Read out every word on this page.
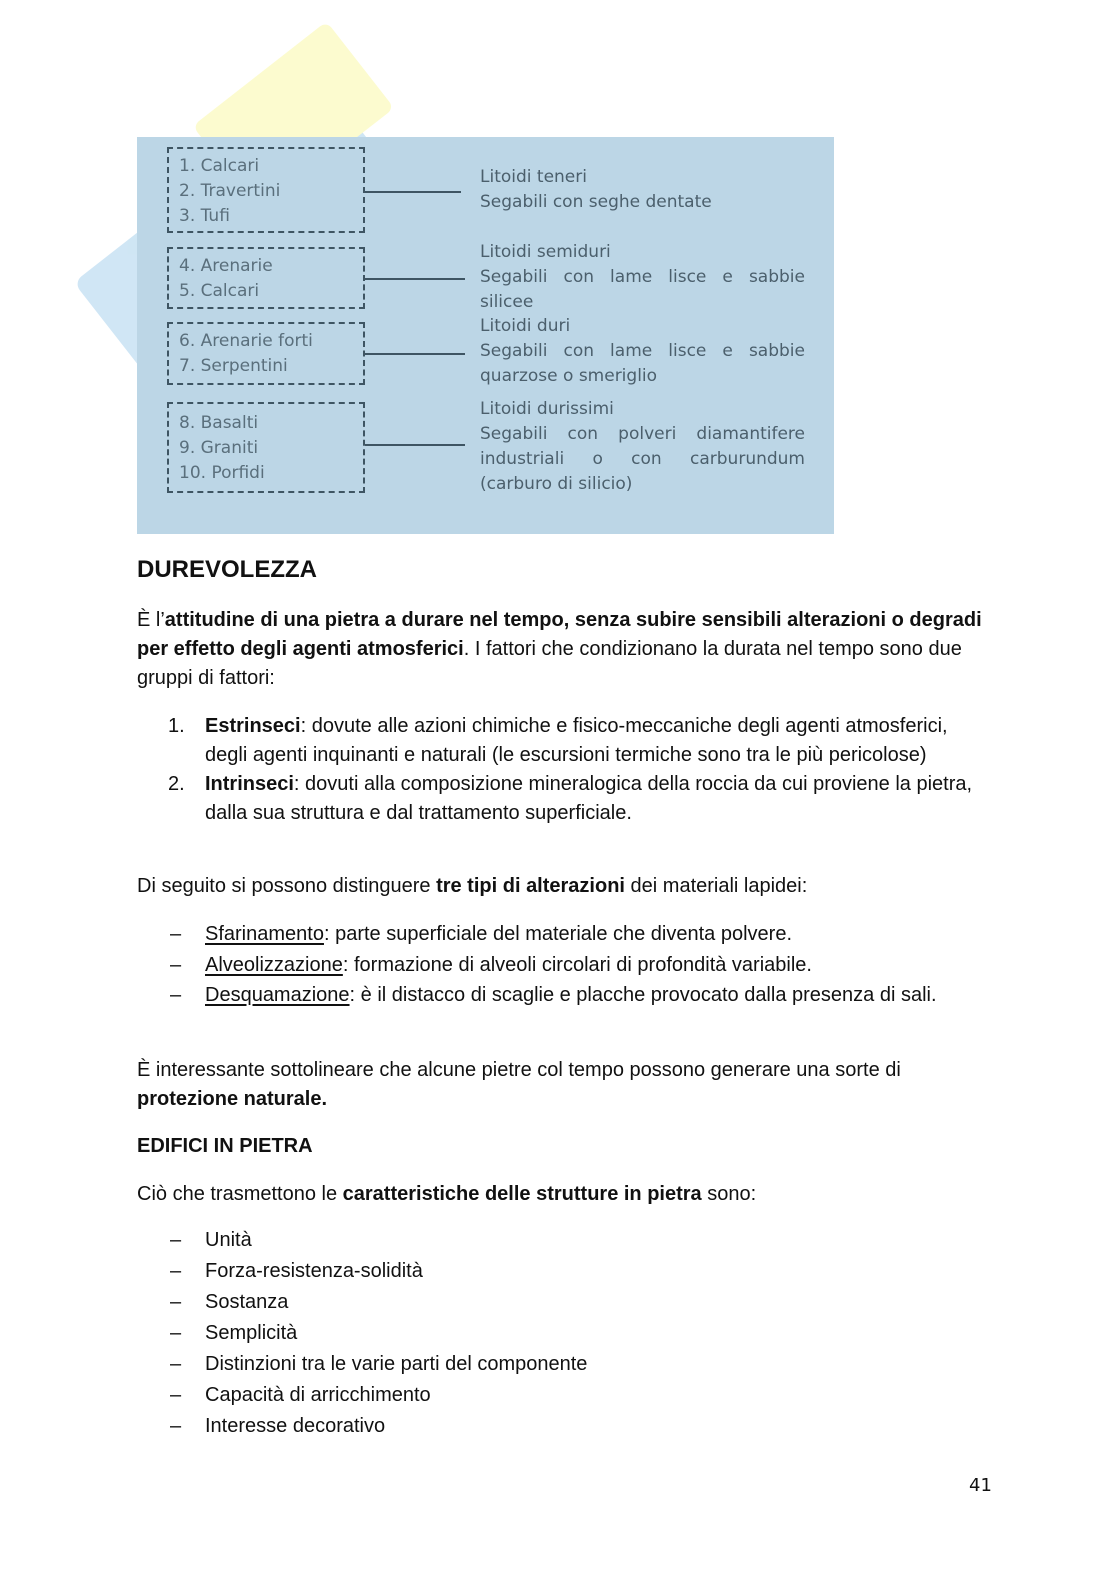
1. Calcari
2. Travertini
3. Tufi
Litoidi teneri
Segabili con seghe dentate
4. Arenarie
5. Calcari
Litoidi semiduri
Segabili con lame lisce e sabbie silicee
6. Arenarie forti
7. Serpentini
Litoidi duri
Segabili con lame lisce e sabbie quarzose o smeriglio
8. Basalti
9. Graniti
10. Porfidi
Litoidi durissimi
Segabili con polveri diamantifere industriali o con carburundum (carburo di silicio)
DUREVOLEZZA
È l’attitudine di una pietra a durare nel tempo, senza subire sensibili alterazioni o degradi per effetto degli agenti atmosferici. I fattori che condizionano la durata nel tempo sono due gruppi di fattori:
1. Estrinseci: dovute alle azioni chimiche e fisico-meccaniche degli agenti atmosferici, degli agenti inquinanti e naturali (le escursioni termiche sono tra le più pericolose)
2. Intrinseci: dovuti alla composizione mineralogica della roccia da cui proviene la pietra, dalla sua struttura e dal trattamento superficiale.
Di seguito si possono distinguere tre tipi di alterazioni dei materiali lapidei:
– Sfarinamento: parte superficiale del materiale che diventa polvere.
– Alveolizzazione: formazione di alveoli circolari di profondità variabile.
– Desquamazione: è il distacco di scaglie e placche provocato dalla presenza di sali.
È interessante sottolineare che alcune pietre col tempo possono generare una sorte di protezione naturale.
EDIFICI IN PIETRA
Ciò che trasmettono le caratteristiche delle strutture in pietra sono:
– Unità
– Forza-resistenza-solidità
– Sostanza
– Semplicità
– Distinzioni tra le varie parti del componente
– Capacità di arricchimento
– Interesse decorativo
41
